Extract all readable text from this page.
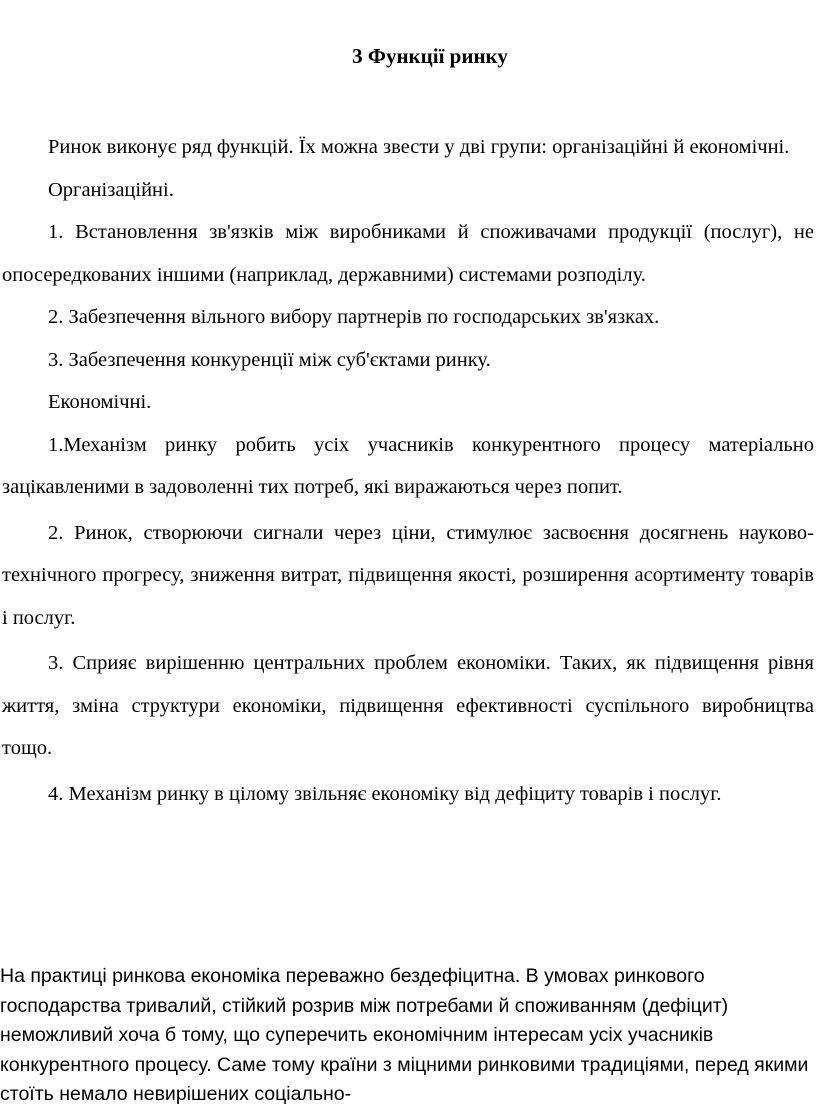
3 Функції ринку

Ринок виконує ряд функцій. Їх можна звести у дві групи: організаційні й економічні.

Організаційні.

1. Встановлення зв'язків між виробниками й споживачами продукції (послуг), не опосередкованих іншими (наприклад, державними) системами розподілу.

2. Забезпечення вільного вибору партнерів по господарських зв'язках.

3. Забезпечення конкуренції між суб'єктами ринку.

Економічні.

1.Механізм ринку робить усіх учасників конкурентного процесу матеріально зацікавленими в задоволенні тих потреб, які виражаються через попит.

2. Ринок, створюючи сигнали через ціни, стимулює засвоєння досягнень науково-технічного прогресу, зниження витрат, підвищення якості, розширення асортименту товарів і послуг.

3. Сприяє вирішенню центральних проблем економіки. Таких, як підвищення рівня життя, зміна структури економіки, підвищення ефективності суспільного виробництва тощо.

4. Механізм ринку в цілому звільняє економіку від дефіциту товарів і послуг.

На практиці ринкова економіка переважно бездефіцитна. В умовах ринкового господарства тривалий, стійкий розрив між потребами й споживанням (дефіцит) неможливий хоча б тому, що суперечить економічним інтересам усіх учасників конкурентного процесу. Саме тому країни з міцними ринковими традиціями, перед якими стоїть немало невирішених соціально-
